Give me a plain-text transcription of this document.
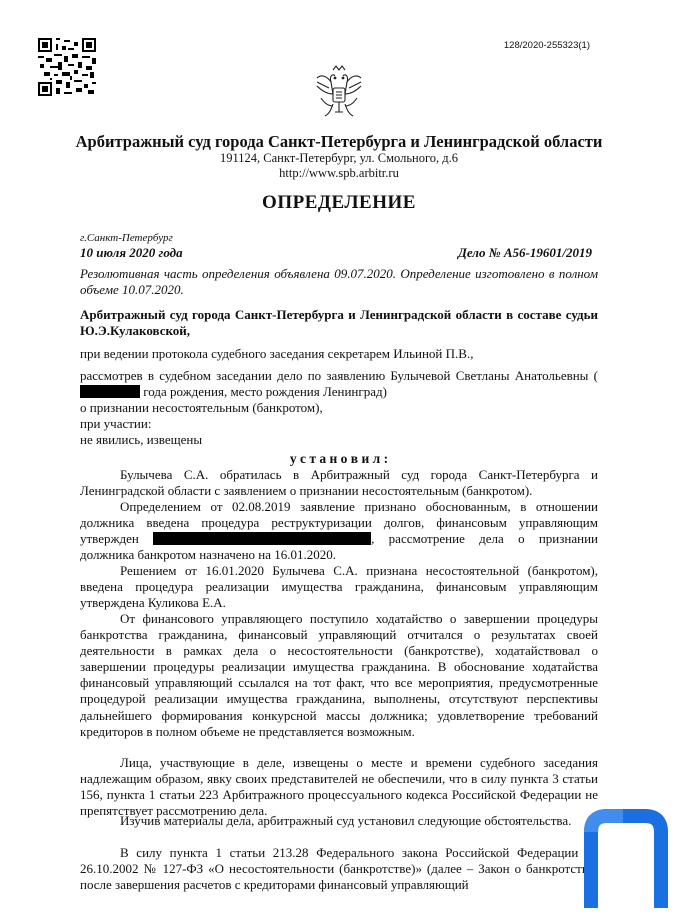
128/2020-255323(1)
Арбитражный суд города Санкт-Петербурга и Ленинградской области
191124, Санкт-Петербург, ул. Смольного, д.6
http://www.spb.arbitr.ru
ОПРЕДЕЛЕНИЕ
г.Санкт-Петербург
10 июля 2020 года	Дело № А56-19601/2019
Резолютивная часть определения объявлена 09.07.2020. Определение изготовлено в полном объеме 10.07.2020.
Арбитражный суд города Санкт-Петербурга и Ленинградской области в составе судьи Ю.Э.Кулаковской,
при ведении протокола судебного заседания секретарем Ильиной П.В.,
рассмотрев в судебном заседании дело по заявлению Булычевой Светланы Анатольевны ( года рождения, место рождения Ленинград)
о признании несостоятельным (банкротом),
при участии:
не явились, извещены
у с т а н о в и л :
Булычева С.А. обратилась в Арбитражный суд города Санкт-Петербурга и Ленинградской области с заявлением о признании несостоятельным (банкротом).
Определением от 02.08.2019 заявление признано обоснованным, в отношении должника введена процедура реструктуризации долгов, финансовым управляющим утвержден	, рассмотрение дела о признании должника банкротом назначено на 16.01.2020.
Решением от 16.01.2020 Булычева С.А. признана несостоятельной (банкротом), введена процедура реализации имущества гражданина, финансовым управляющим утверждена Куликова Е.А.
От финансового управляющего поступило ходатайство о завершении процедуры банкротства гражданина, финансовый управляющий отчитался о результатах своей деятельности в рамках дела о несостоятельности (банкротстве), ходатайствовал о завершении процедуры реализации имущества гражданина. В обоснование ходатайства финансовый управляющий ссылался на тот факт, что все мероприятия, предусмотренные процедурой реализации имущества гражданина, выполнены, отсутствуют перспективы дальнейшего формирования конкурсной массы должника; удовлетворение требований кредиторов в полном объеме не представляется возможным.
Лица, участвующие в деле, извещены о месте и времени судебного заседания надлежащим образом, явку своих представителей не обеспечили, что в силу пункта 3 статьи 156, пункта 1 статьи 223 Арбитражного процессуального кодекса Российской Федерации не препятствует рассмотрению дела.
Изучив материалы дела, арбитражный суд установил следующие обстоятельства.
В силу пункта 1 статьи 213.28 Федерального закона Российской Федерации от 26.10.2002 № 127-ФЗ «О несостоятельности (банкротстве)» (далее – Закон о банкротстве) после завершения расчетов с кредиторами финансовый управляющий
